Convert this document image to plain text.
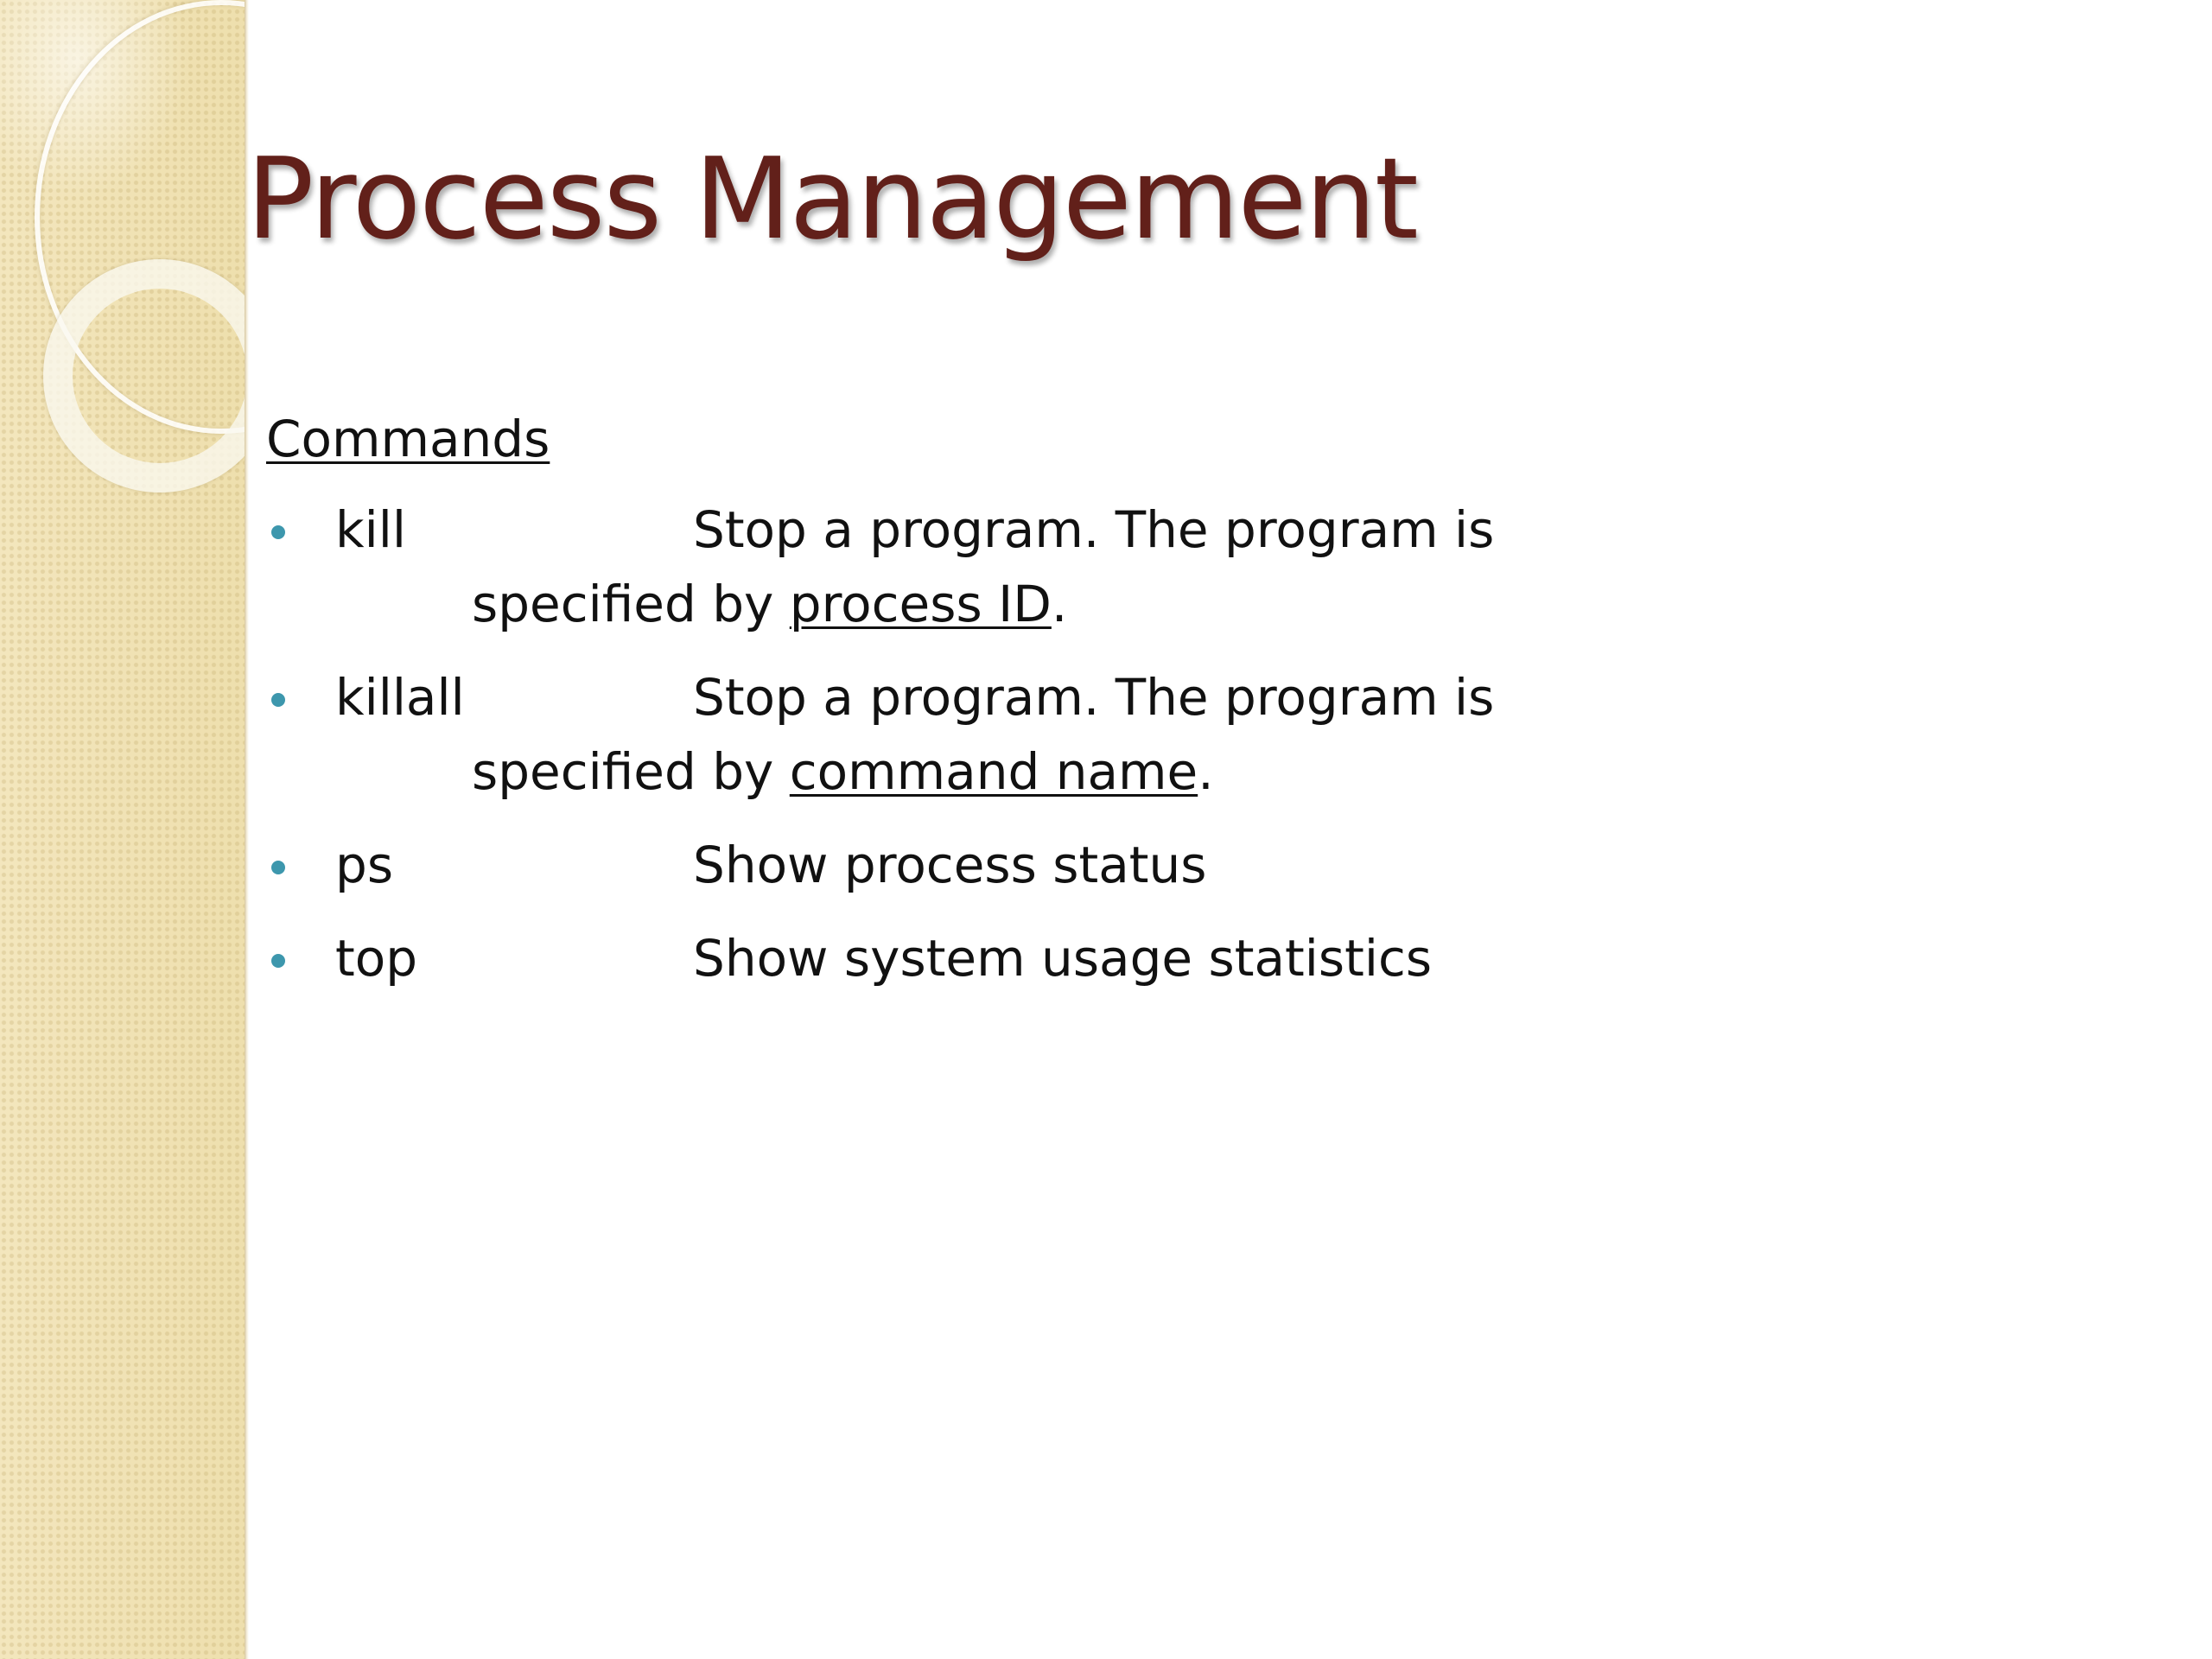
Process Management
Commands
kill	Stop a program. The program is
specified by process ID.
killall	Stop a program. The program is
specified by command name.
ps	Show process status
top	Show system usage statistics
